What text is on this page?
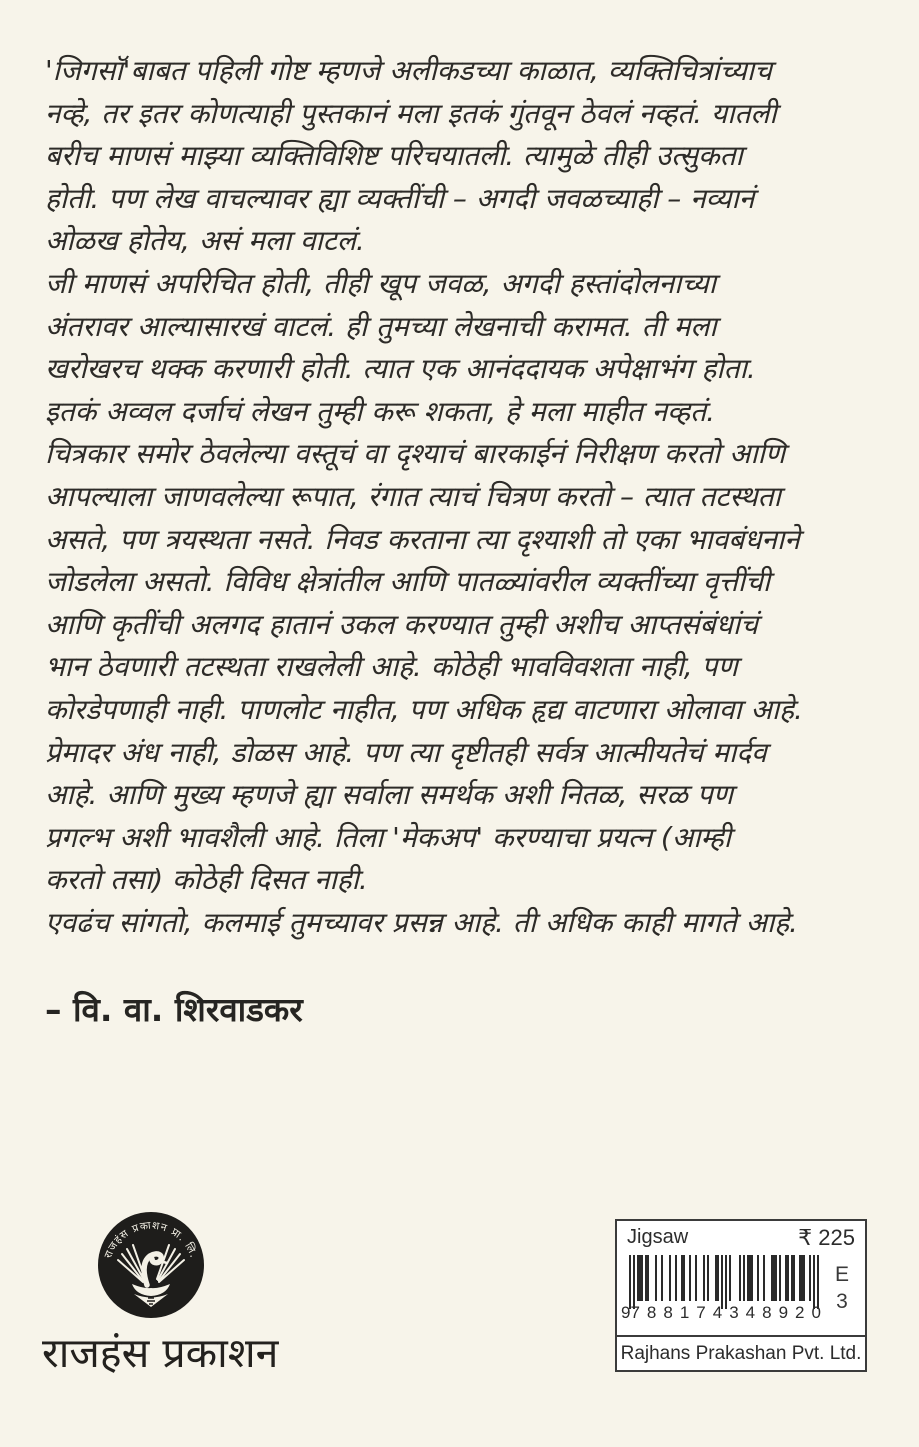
'जिगसॉ'बाबत पहिली गोष्ट म्हणजे अलीकडच्या काळात, व्यक्तिचित्रांच्याच
नव्हे, तर इतर कोणत्याही पुस्तकानं मला इतकं गुंतवून ठेवलं नव्हतं. यातली
बरीच माणसं माझ्या व्यक्तिविशिष्ट परिचयातली. त्यामुळे तीही उत्सुकता
होती. पण लेख वाचल्यावर ह्या व्यक्तींची – अगदी जवळच्याही – नव्यानं
ओळख होतेय, असं मला वाटलं.
जी माणसं अपरिचित होती, तीही खूप जवळ, अगदी हस्तांदोलनाच्या
अंतरावर आल्यासारखं वाटलं. ही तुमच्या लेखनाची करामत. ती मला
खरोखरच थक्क करणारी होती. त्यात एक आनंददायक अपेक्षाभंग होता.
इतकं अव्वल दर्जाचं लेखन तुम्ही करू शकता, हे मला माहीत नव्हतं.
चित्रकार समोर ठेवलेल्या वस्तूचं वा दृश्याचं बारकाईनं निरीक्षण करतो आणि
आपल्याला जाणवलेल्या रूपात, रंगात त्याचं चित्रण करतो – त्यात तटस्थता
असते, पण त्रयस्थता नसते. निवड करताना त्या दृश्याशी तो एका भावबंधनाने
जोडलेला असतो. विविध क्षेत्रांतील आणि पातळ्यांवरील व्यक्तींच्या वृत्तींची
आणि कृतींची अलगद हातानं उकल करण्यात तुम्ही अशीच आप्तसंबंधांचं
भान ठेवणारी तटस्थता राखलेली आहे. कोठेही भावविवशता नाही, पण
कोरडेपणाही नाही. पाणलोट नाहीत, पण अधिक हृद्य वाटणारा ओलावा आहे.
प्रेमादर अंध नाही, डोळस आहे. पण त्या दृष्टीतही सर्वत्र आत्मीयतेचं मार्दव
आहे. आणि मुख्य म्हणजे ह्या सर्वाला समर्थक अशी नितळ, सरळ पण
प्रगल्भ अशी भावशैली आहे. तिला 'मेकअप' करण्याचा प्रयत्न (आम्ही
करतो तसा) कोठेही दिसत नाही.
एवढंच सांगतो, कलमाई तुमच्यावर प्रसन्न आहे. ती अधिक काही मागते आहे.
– वि. वा. शिरवाडकर
राजहंस प्रकाशन प्रा. लि.
राजहंस प्रकाशन
Jigsaw	₹ 225
9 788174 348920
E
3
Rajhans Prakashan Pvt. Ltd.
